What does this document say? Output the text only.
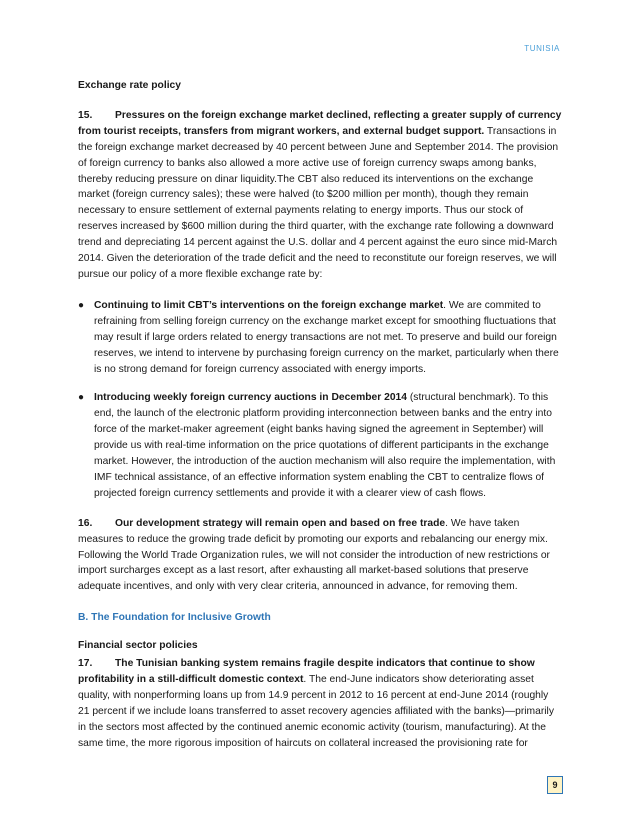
TUNISIA
Exchange rate policy

15. Pressures on the foreign exchange market declined, reflecting a greater supply of currency from tourist receipts, transfers from migrant workers, and external budget support. Transactions in the foreign exchange market decreased by 40 percent between June and September 2014. The provision of foreign currency to banks also allowed a more active use of foreign currency swaps among banks, thereby reducing pressure on dinar liquidity.The CBT also reduced its interventions on the exchange market (foreign currency sales); these were halved (to $200 million per month), though they remain necessary to ensure settlement of external payments relating to energy imports. Thus our stock of reserves increased by $600 million during the third quarter, with the exchange rate following a downward trend and depreciating 14 percent against the U.S. dollar and 4 percent against the euro since mid-March 2014. Given the deterioration of the trade deficit and the need to reconstitute our foreign reserves, we will pursue our policy of a more flexible exchange rate by:

● Continuing to limit CBT’s interventions on the foreign exchange market. We are commited to refraining from selling foreign currency on the exchange market except for smoothing fluctuations that may result if large orders related to energy transactions are not met. To preserve and build our foreign reserves, we intend to intervene by purchasing foreign currency on the market, particularly when there is no strong demand for foreign currency associated with energy imports.
● Introducing weekly foreign currency auctions in December 2014 (structural benchmark). To this end, the launch of the electronic platform providing interconnection between banks and the entry into force of the market-maker agreement (eight banks having signed the agreement in September) will provide us with real-time information on the price quotations of different participants in the exchange market. However, the introduction of the auction mechanism will also require the implementation, with IMF technical assistance, of an effective information system enabling the CBT to centralize flows of projected foreign currency settlements and provide it with a clearer view of cash flows.

16. Our development strategy will remain open and based on free trade. We have taken measures to reduce the growing trade deficit by promoting our exports and rebalancing our energy mix. Following the World Trade Organization rules, we will not consider the introduction of new restrictions or import surcharges except as a last resort, after exhausting all market-based solutions that preserve adequate incentives, and only with very clear criteria, announced in advance, for removing them.

B. The Foundation for Inclusive Growth
Financial sector policies

17. The Tunisian banking system remains fragile despite indicators that continue to show profitability in a still-difficult domestic context. The end-June indicators show deteriorating asset quality, with nonperforming loans up from 14.9 percent in 2012 to 16 percent at end-June 2014 (roughly 21 percent if we include loans transferred to asset recovery agencies affiliated with the banks)—primarily in the sectors most affected by the continued anemic economic activity (tourism, manufacturing). At the same time, the more rigorous imposition of haircuts on collateral increased the provisioning rate for

9
